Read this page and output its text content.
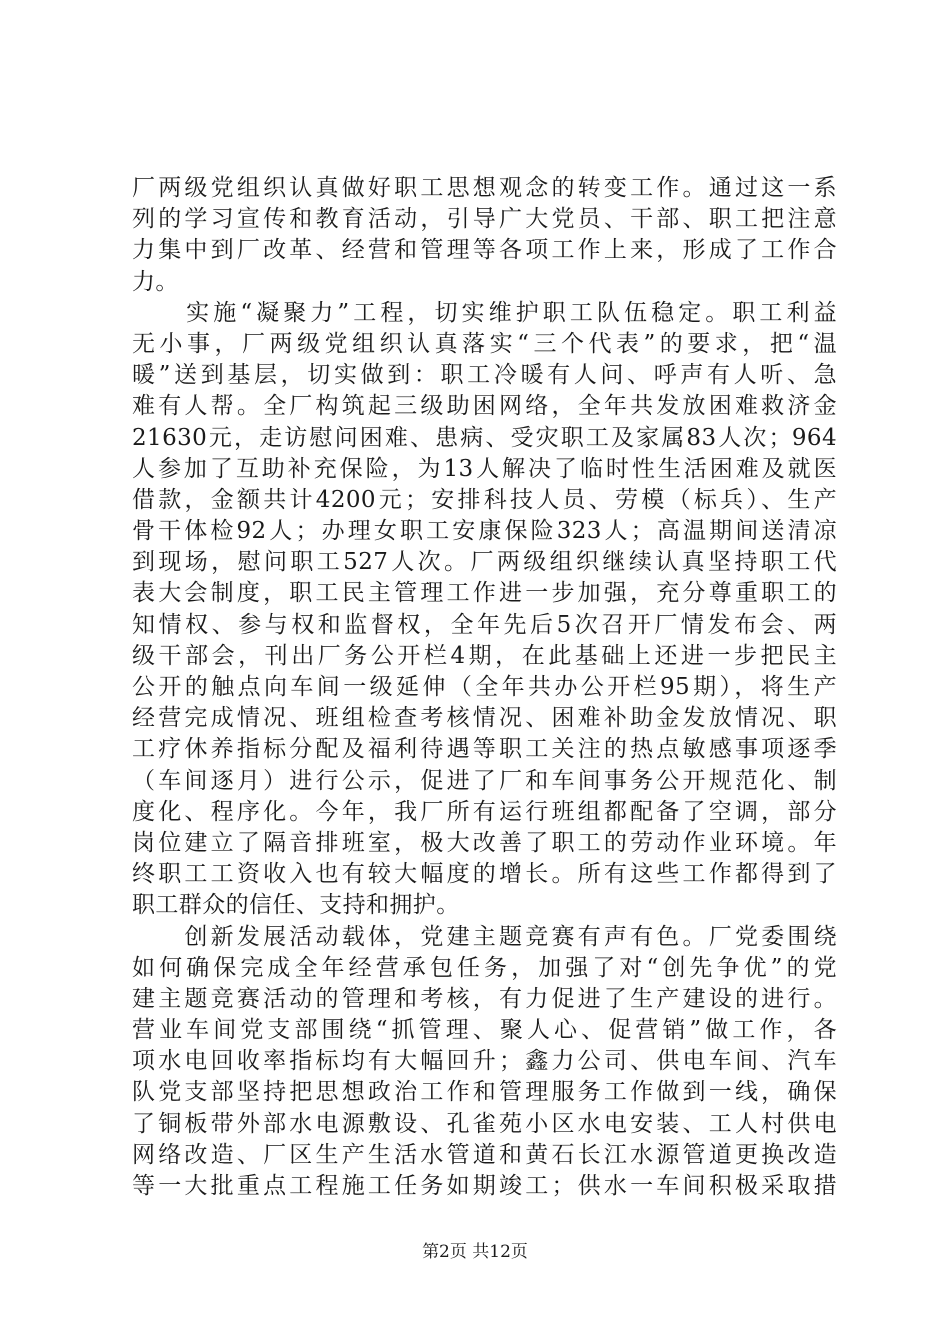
厂两级党组织认真做好职工思想观念的转变工作。通过这一系
列的学习宣传和教育活动，引导广大党员、干部、职工把注意
力集中到厂改革、经营和管理等各项工作上来，形成了工作合
力。
　　实施“凝聚力”工程，切实维护职工队伍稳定。职工利益
无小事，厂两级党组织认真落实“三个代表”的要求，把“温
暖”送到基层，切实做到：职工冷暖有人问、呼声有人听、急
难有人帮。全厂构筑起三级助困网络，全年共发放困难救济金
21630元，走访慰问困难、患病、受灾职工及家属83人次；964
人参加了互助补充保险，为13人解决了临时性生活困难及就医
借款，金额共计4200元；安排科技人员、劳模（标兵）、生产
骨干体检92人；办理女职工安康保险323人；高温期间送清凉
到现场，慰问职工527人次。厂两级组织继续认真坚持职工代
表大会制度，职工民主管理工作进一步加强，充分尊重职工的
知情权、参与权和监督权，全年先后5次召开厂情发布会、两
级干部会，刊出厂务公开栏4期，在此基础上还进一步把民主
公开的触点向车间一级延伸（全年共办公开栏95期），将生产
经营完成情况、班组检查考核情况、困难补助金发放情况、职
工疗休养指标分配及福利待遇等职工关注的热点敏感事项逐季
（车间逐月）进行公示，促进了厂和车间事务公开规范化、制
度化、程序化。今年，我厂所有运行班组都配备了空调，部分
岗位建立了隔音排班室，极大改善了职工的劳动作业环境。年
终职工工资收入也有较大幅度的增长。所有这些工作都得到了
职工群众的信任、支持和拥护。
　　创新发展活动载体，党建主题竞赛有声有色。厂党委围绕
如何确保完成全年经营承包任务，加强了对“创先争优”的党
建主题竞赛活动的管理和考核，有力促进了生产建设的进行。
营业车间党支部围绕“抓管理、聚人心、促营销”做工作，各
项水电回收率指标均有大幅回升；鑫力公司、供电车间、汽车
队党支部坚持把思想政治工作和管理服务工作做到一线，确保
了铜板带外部水电源敷设、孔雀苑小区水电安装、工人村供电
网络改造、厂区生产生活水管道和黄石长江水源管道更换改造
等一大批重点工程施工任务如期竣工；供水一车间积极采取措
第2页 共12页
